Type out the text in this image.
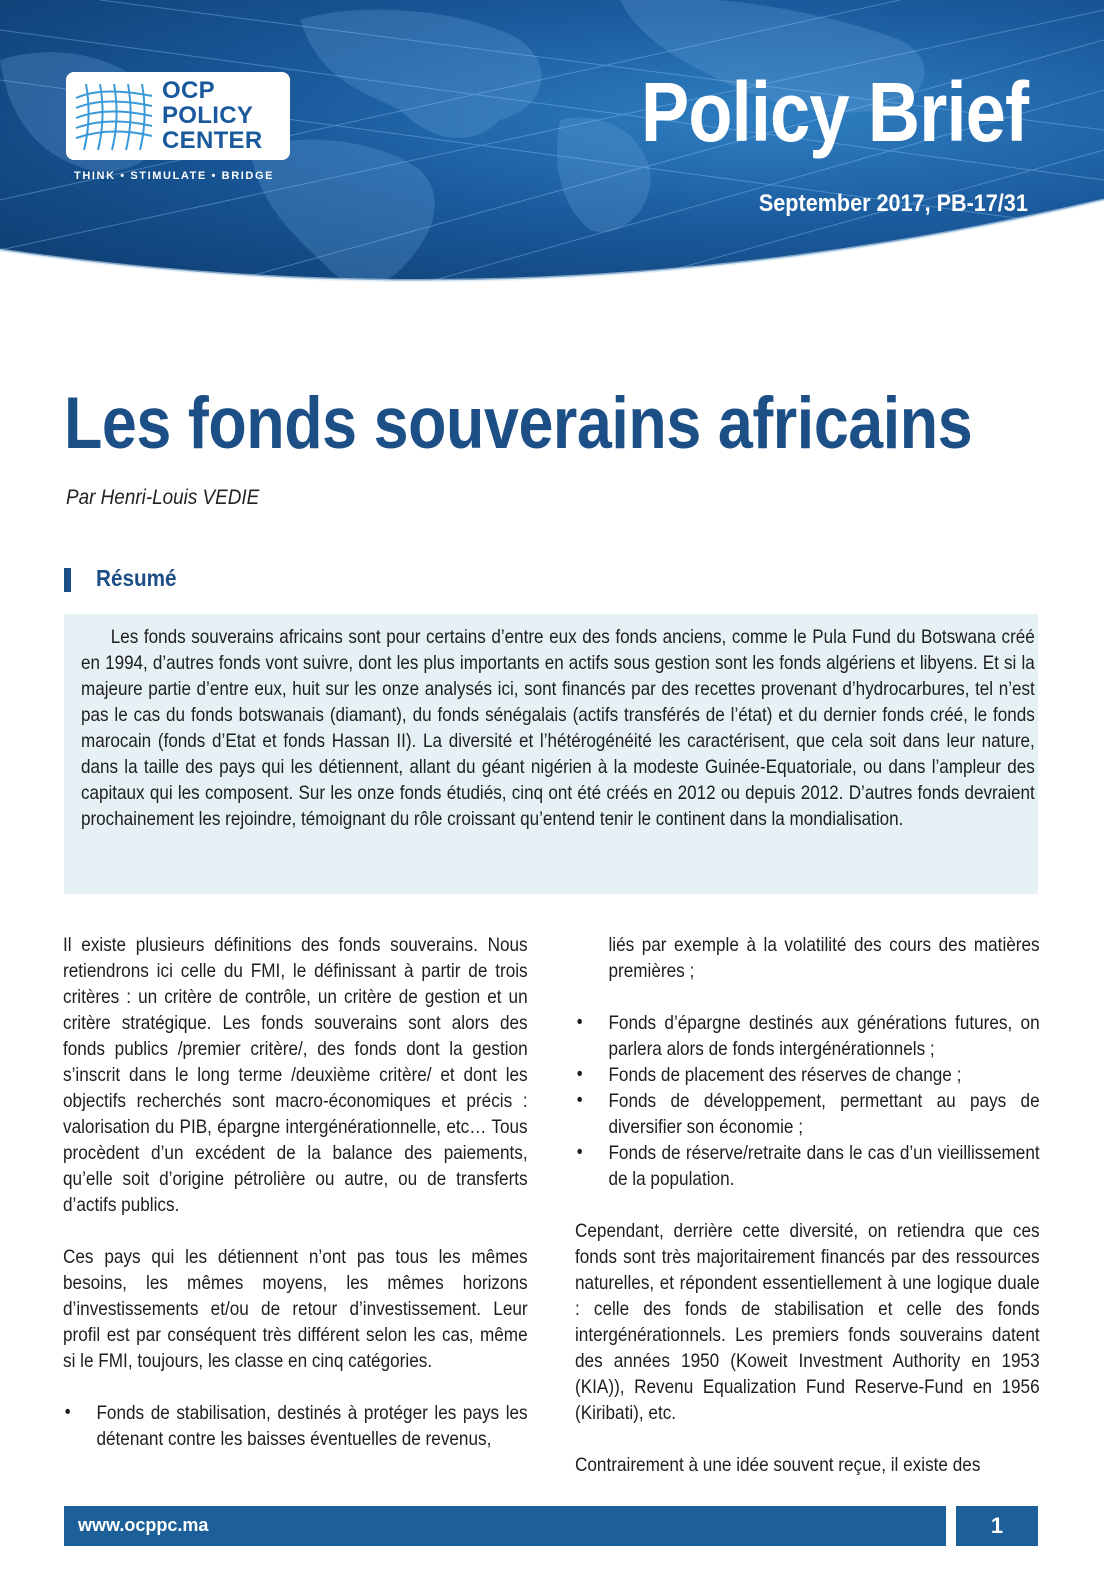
OCP
POLICY
CENTER
THINK • STIMULATE • BRIDGE
Policy Brief
September 2017, PB-17/31
Les fonds souverains africains
Par Henri-Louis VEDIE
Résumé
Les fonds souverains africains sont pour certains d’entre eux des fonds anciens, comme le Pula Fund du Botswana créé en 1994, d’autres fonds vont suivre, dont les plus importants en actifs sous gestion sont les fonds algériens et libyens. Et si la majeure partie d’entre eux, huit sur les onze analysés ici, sont financés par des recettes provenant d’hydrocarbures, tel n’est pas le cas du fonds botswanais (diamant), du fonds sénégalais (actifs transférés de l’état) et du dernier fonds créé, le fonds marocain (fonds d’Etat et fonds Hassan II). La diversité et l’hétérogénéité les caractérisent, que cela soit dans leur nature, dans la taille des pays qui les détiennent, allant du géant nigérien à la modeste Guinée-Equatoriale, ou dans l’ampleur des capitaux qui les composent. Sur les onze fonds étudiés, cinq ont été créés en 2012 ou depuis 2012. D’autres fonds devraient prochainement les rejoindre, témoignant du rôle croissant qu’entend tenir le continent dans la mondialisation.

Il existe plusieurs définitions des fonds souverains. Nous retiendrons ici celle du FMI, le définissant à partir de trois critères : un critère de contrôle, un critère de gestion et un critère stratégique. Les fonds souverains sont alors des fonds publics /premier critère/, des fonds dont la gestion s’inscrit dans le long terme /deuxième critère/ et dont les objectifs recherchés sont macro-économiques et précis : valorisation du PIB, épargne intergénérationnelle, etc… Tous procèdent d’un excédent de la balance des paiements, qu’elle soit d’origine pétrolière ou autre, ou de transferts d’actifs publics.

Ces pays qui les détiennent n’ont pas tous les mêmes besoins, les mêmes moyens, les mêmes horizons d’investissements et/ou de retour d’investissement. Leur profil est par conséquent très différent selon les cas, même si le FMI, toujours, les classe en cinq catégories.

• Fonds de stabilisation, destinés à protéger les pays les détenant contre les baisses éventuelles de revenus,

liés par exemple à la volatilité des cours des matières premières ;

• Fonds d’épargne destinés aux générations futures, on parlera alors de fonds intergénérationnels ;
• Fonds de placement des réserves de change ;
• Fonds de développement, permettant au pays de diversifier son économie ;
• Fonds de réserve/retraite dans le cas d’un vieillissement de la population.

Cependant, derrière cette diversité, on retiendra que ces fonds sont très majoritairement financés par des ressources naturelles, et répondent essentiellement à une logique duale : celle des fonds de stabilisation et celle des fonds intergénérationnels. Les premiers fonds souverains datent des années 1950 (Koweit Investment Authority en 1953 (KIA)), Revenu Equalization Fund Reserve-Fund en 1956 (Kiribati), etc.

Contrairement à une idée souvent reçue, il existe des

www.ocppc.ma	1
